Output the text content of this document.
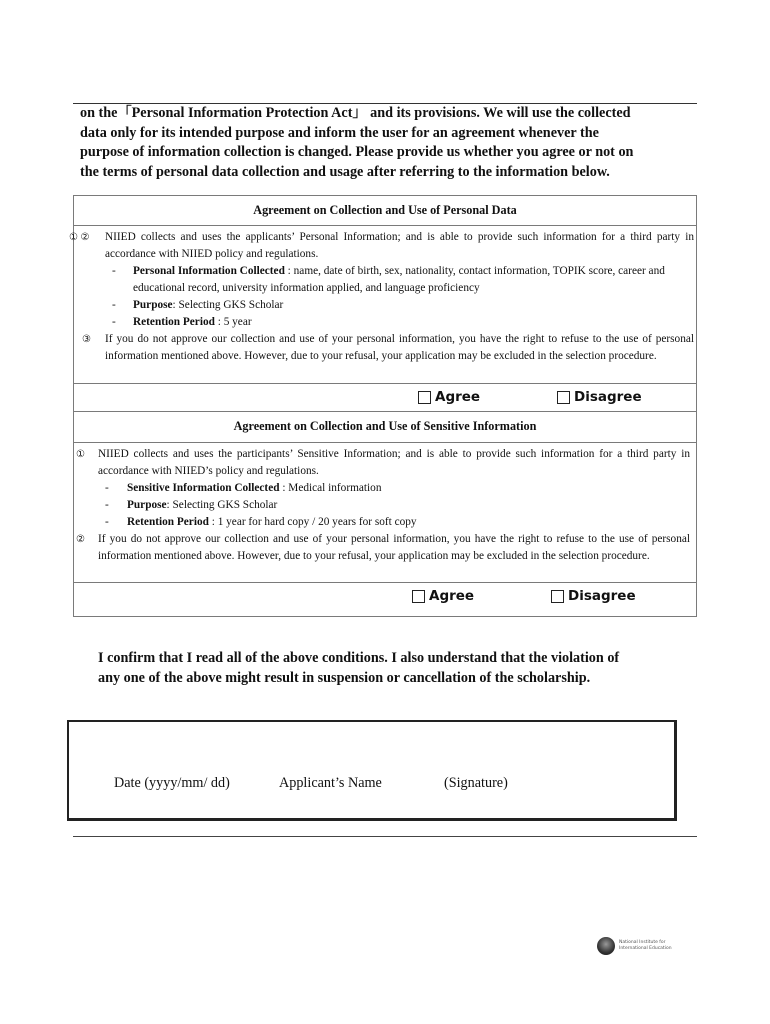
on the「Personal Information Protection Act」 and its provisions. We will use the collected

data only for its intended purpose and inform the user for an agreement whenever the

purpose of information collection is changed. Please provide us whether you agree or not on

the terms of personal data collection and usage after referring to the information below.

Agreement on Collection and Use of Personal Data
① ② NIIED collects and uses the applicants’ Personal Information; and is able to provide such information for a third party in accordance with NIIED policy and regulations.
- Personal Information Collected : name, date of birth, sex, nationality, contact information, TOPIK score, career and educational record, university information applied, and language proficiency
- Purpose: Selecting GKS Scholar
- Retention Period : 5 year
③ If you do not approve our collection and use of your personal information, you have the right to refuse to the use of personal information mentioned above. However, due to your refusal, your application may be excluded in the selection procedure.
Agree	Disagree
Agreement on Collection and Use of Sensitive Information
① NIIED collects and uses the participants’ Sensitive Information; and is able to provide such information for a third party in accordance with NIIED’s policy and regulations.
- Sensitive Information Collected : Medical information
- Purpose: Selecting GKS Scholar
- Retention Period : 1 year for hard copy / 20 years for soft copy
② If you do not approve our collection and use of your personal information, you have the right to refuse to the use of personal information mentioned above. However, due to your refusal, your application may be excluded in the selection procedure.
Agree	Disagree

I confirm that I read all of the above conditions. I also understand that the violation of

any one of the above might result in suspension or cancellation of the scholarship.

Date (yyyy/mm/ dd)	Applicant’s Name	(Signature)
National Institute for
International Education
